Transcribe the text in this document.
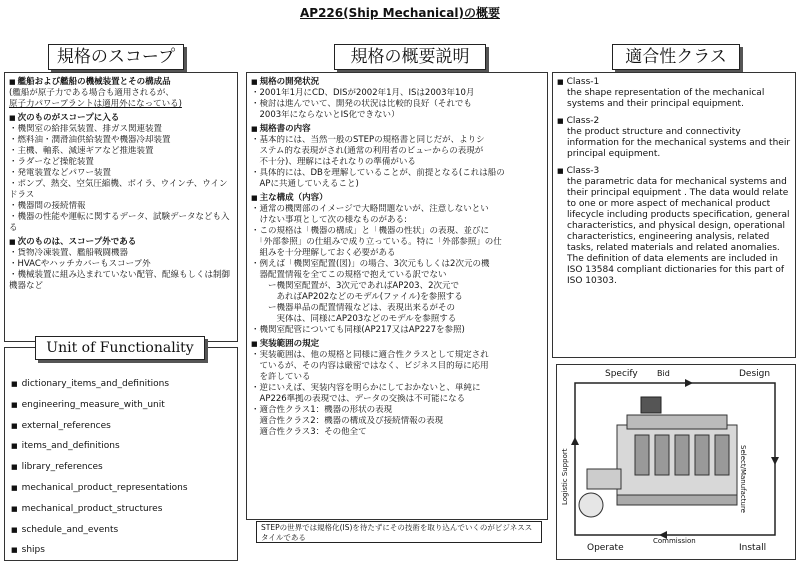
AP226(Ship Mechanical)の概要
規格のスコープ	規格の概要説明	適合性クラス
■ 艦船および艦船の機械装置とその構成品
(艦船が原子力である場合も適用されるが、
原子力パワープラントは適用外になっている)
■ 次のものがスコープに入る
・機関室の給排気装置、排ガス関連装置
・燃料油・潤滑油供給装置や機器冷却装置
・主機、軸系、減速ギアなど推進装置
・ラダーなど操舵装置
・発電装置などパワー装置
・ポンプ、熱交、空気圧縮機、ボイラ、ウインチ、ウインドラス
・機器間の接続情報
・機器の性能や運転に関するデータ、試験データなども入る
■ 次のものは、スコープ外である
・貨物冷凍装置、艦船戦闘機器
・HVACやハッチカバーもスコープ外
・機械装置に組み込まれていない配管、配線もしくは制御機器など
Unit of Functionality
■ dictionary_items_and_definitions
■ engineering_measure_with_unit
■ external_references
■ items_and_definitions
■ library_references
■ mechanical_product_representations
■ mechanical_product_structures
■ schedule_and_events
■ ships
■ 規格の開発状況
・2001年1月にCD、DISが2002年1月、ISは2003年10月
・検討は進んでいて、開発の状況は比較的良好（それでも
　2003年にならないとIS化できない）
■ 規格書の内容
・基本的には、当然一般のSTEPの規格書と同じだが、よりシ
　ステム的な表現がされ(通常の利用者のビューからの表現が
　不十分)、理解にはそれなりの準備がいる
・具体的には、DBを理解していることが、前提となる(これは船の
　APに共通していえること)
■ 主な構成（内容）
・通常の機関部のイメージで大略問題ないが、注意しないとい
　けない事項として次の様なものがある:
・この規格は「機器の構成」と「機器の性状」の表現、並びに
　「外部参照」の仕組みで成り立っている。特に「外部参照」の仕
　組みを十分理解しておく必要がある
・例えば「機関室配置(図)」の場合、3次元もしくは2次元の機
　器配置情報を全てこの規格で抱えている訳でない
　　ー機関室配置が、3次元であればAP203、2次元で
　　　あればAP202などのモデル(ファイル)を参照する
　　ー機器単品の配置情報などは、表現出来るがその
　　　実体は、同様にAP203などのモデルを参照する
・機関室配管についても同様(AP217又はAP227を参照)
■ 実装範囲の規定
・実装範囲は、他の規格と同様に適合性クラスとして規定され
　ているが、その内容は厳密ではなく、ビジネス目的毎に応用
　を許している
・逆にいえば、実装内容を明らかにしておかないと、単純に
　AP226準拠の表現では、データの交換は不可能になる
・適合性クラス1：機器の形状の表現
　適合性クラス2：機器の構成及び接続情報の表現
　適合性クラス3：その他全て
STEPの世界では規格化(IS)を待たずにその技術を取り込んでいくのがビジネススタイルである
■ Class-1
the shape representation of the mechanical systems and their principal equipment.
■ Class-2
the product structure and connectivity information for the mechanical systems and their principal equipment.
■ Class-3
the parametric data for mechanical systems and their principal equipment . The data would relate to one or more aspect of mechanical product lifecycle including products specification, general characteristics, and physical design, operational characteristics, engineering analysis, related tasks, related materials and related anomalies. The definition of data elements are included in ISO 13584 compliant dictionaries for this part of ISO 10303.
Specify Bid	Design
Select/Manufacture
Install
Commission
Operate
Logistic Support
